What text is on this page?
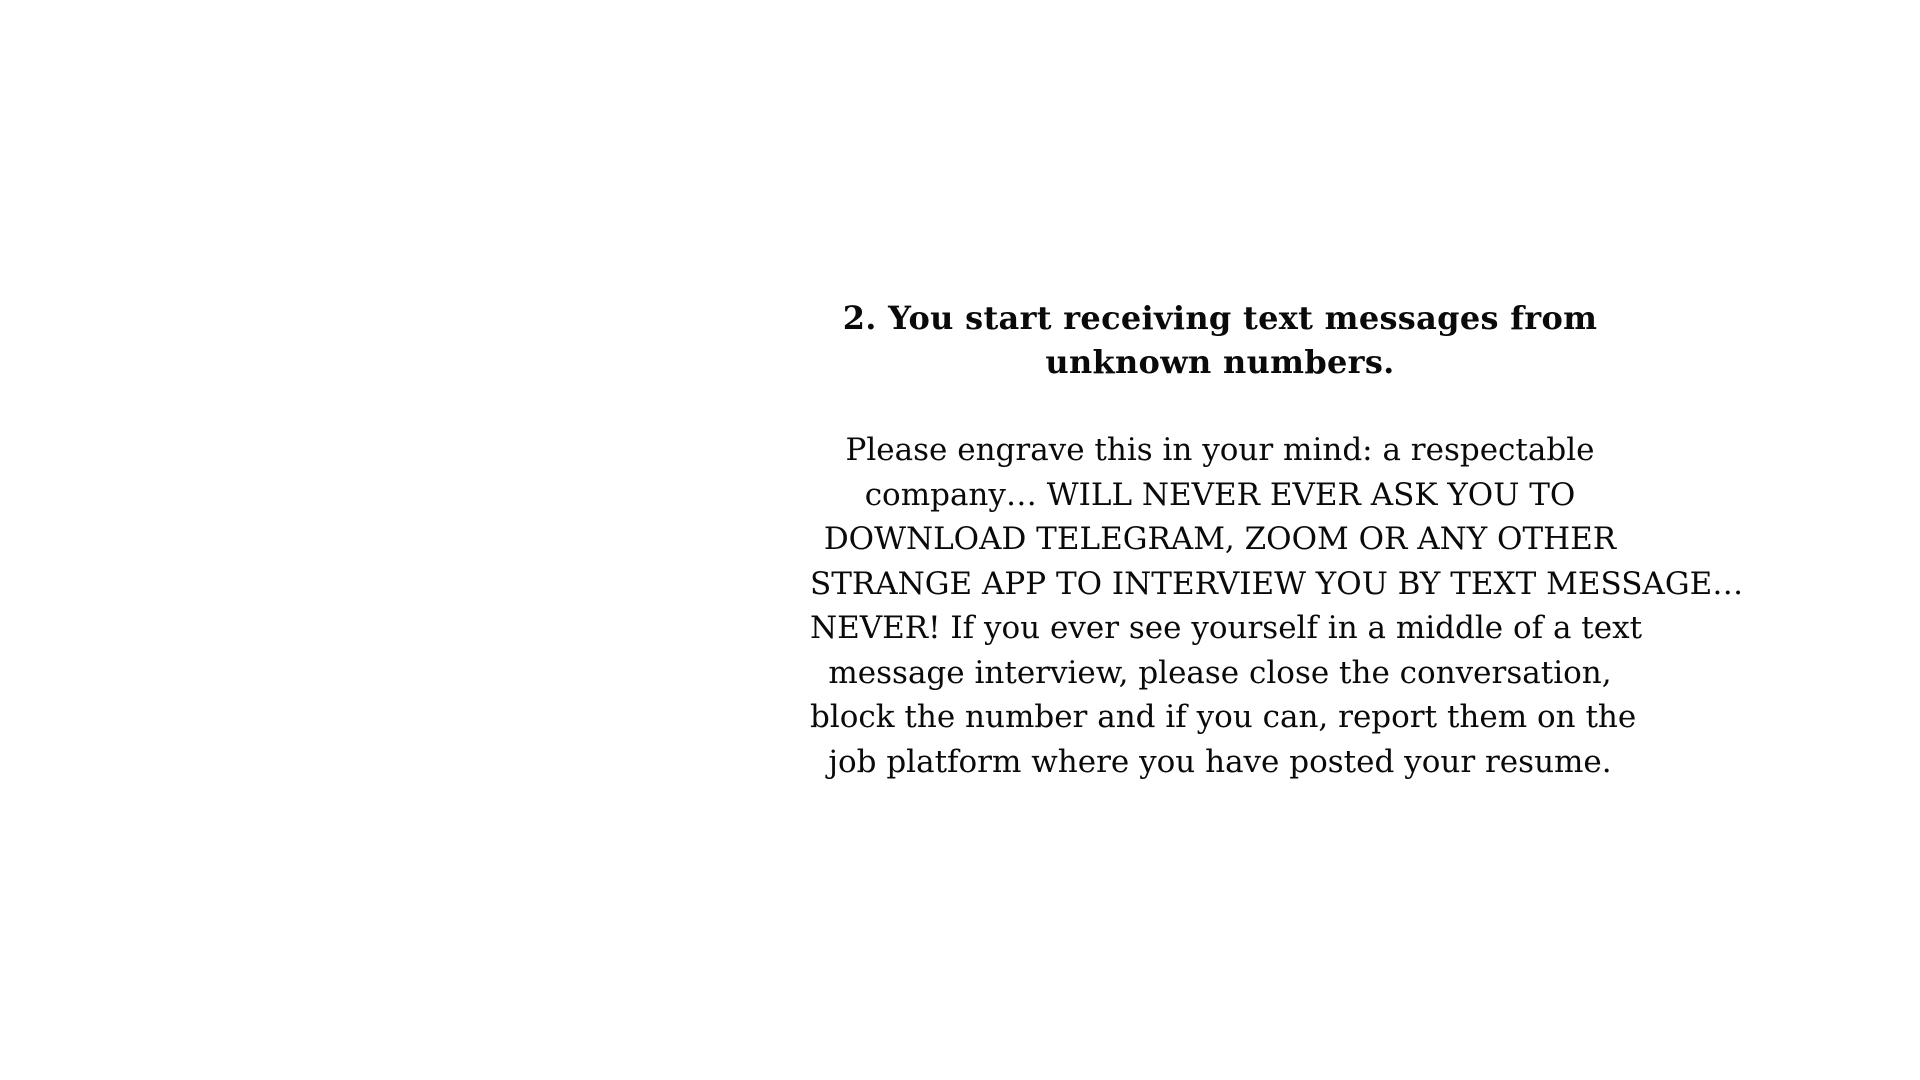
2. You start receiving text messages from
unknown numbers.

Please engrave this in your mind: a respectable
company… WILL NEVER EVER ASK YOU TO
DOWNLOAD TELEGRAM, ZOOM OR ANY OTHER
STRANGE APP TO INTERVIEW YOU BY TEXT MESSAGE…
NEVER! If you ever see yourself in a middle of a text
message interview, please close the conversation,
block the number and if you can, report them on the
job platform where you have posted your resume.
